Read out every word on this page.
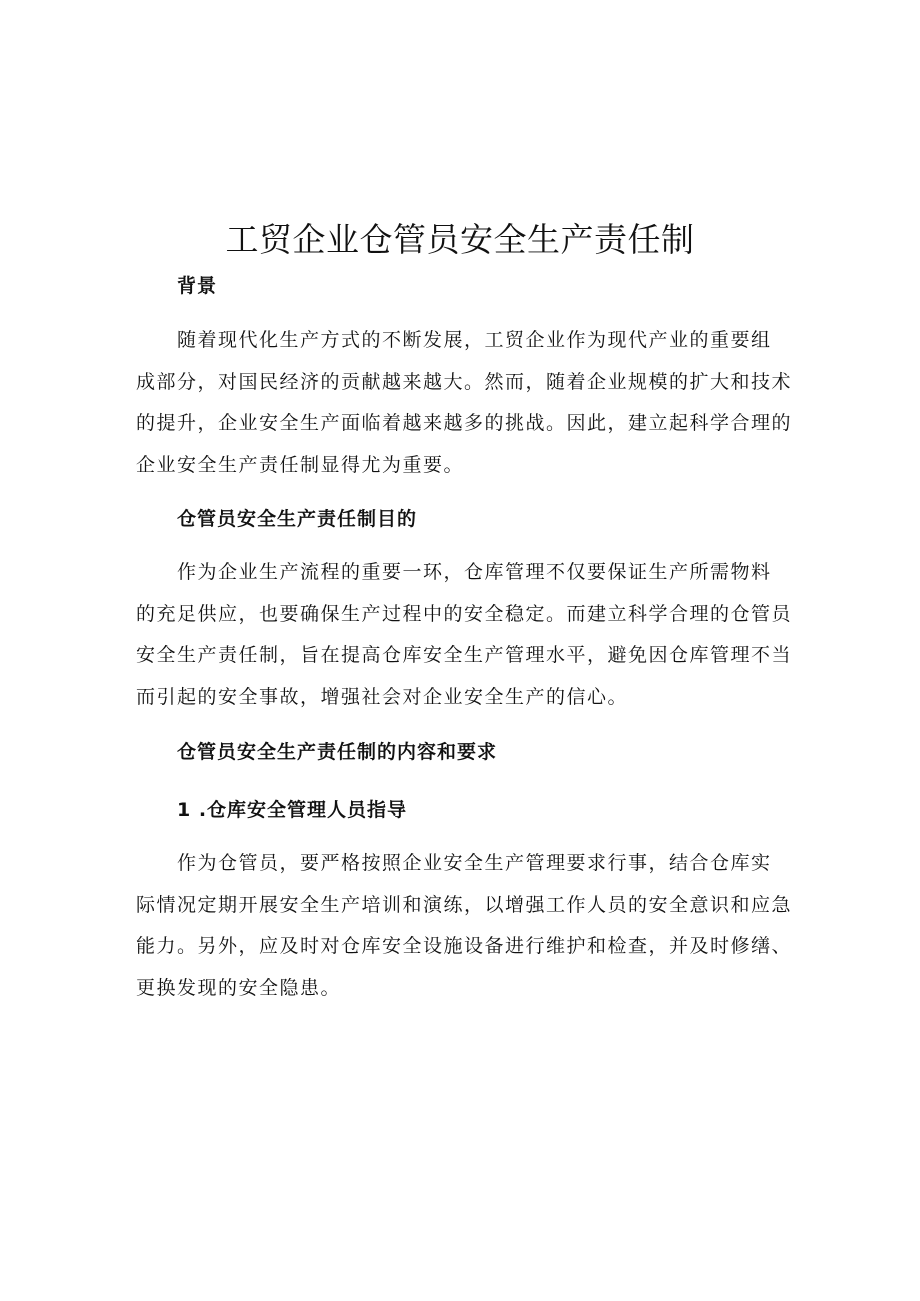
工贸企业仓管员安全生产责任制
背景

随着现代化生产方式的不断发展，工贸企业作为现代产业的重要组
成部分，对国民经济的贡献越来越大。然而，随着企业规模的扩大和技术
的提升，企业安全生产面临着越来越多的挑战。因此，建立起科学合理的
企业安全生产责任制显得尤为重要。

仓管员安全生产责任制目的

作为企业生产流程的重要一环，仓库管理不仅要保证生产所需物料
的充足供应，也要确保生产过程中的安全稳定。而建立科学合理的仓管员
安全生产责任制，旨在提高仓库安全生产管理水平，避免因仓库管理不当
而引起的安全事故，增强社会对企业安全生产的信心。

仓管员安全生产责任制的内容和要求
1 .仓库安全管理人员指导

作为仓管员，要严格按照企业安全生产管理要求行事，结合仓库实
际情况定期开展安全生产培训和演练，以增强工作人员的安全意识和应急
能力。另外，应及时对仓库安全设施设备进行维护和检查，并及时修缮、
更换发现的安全隐患。
